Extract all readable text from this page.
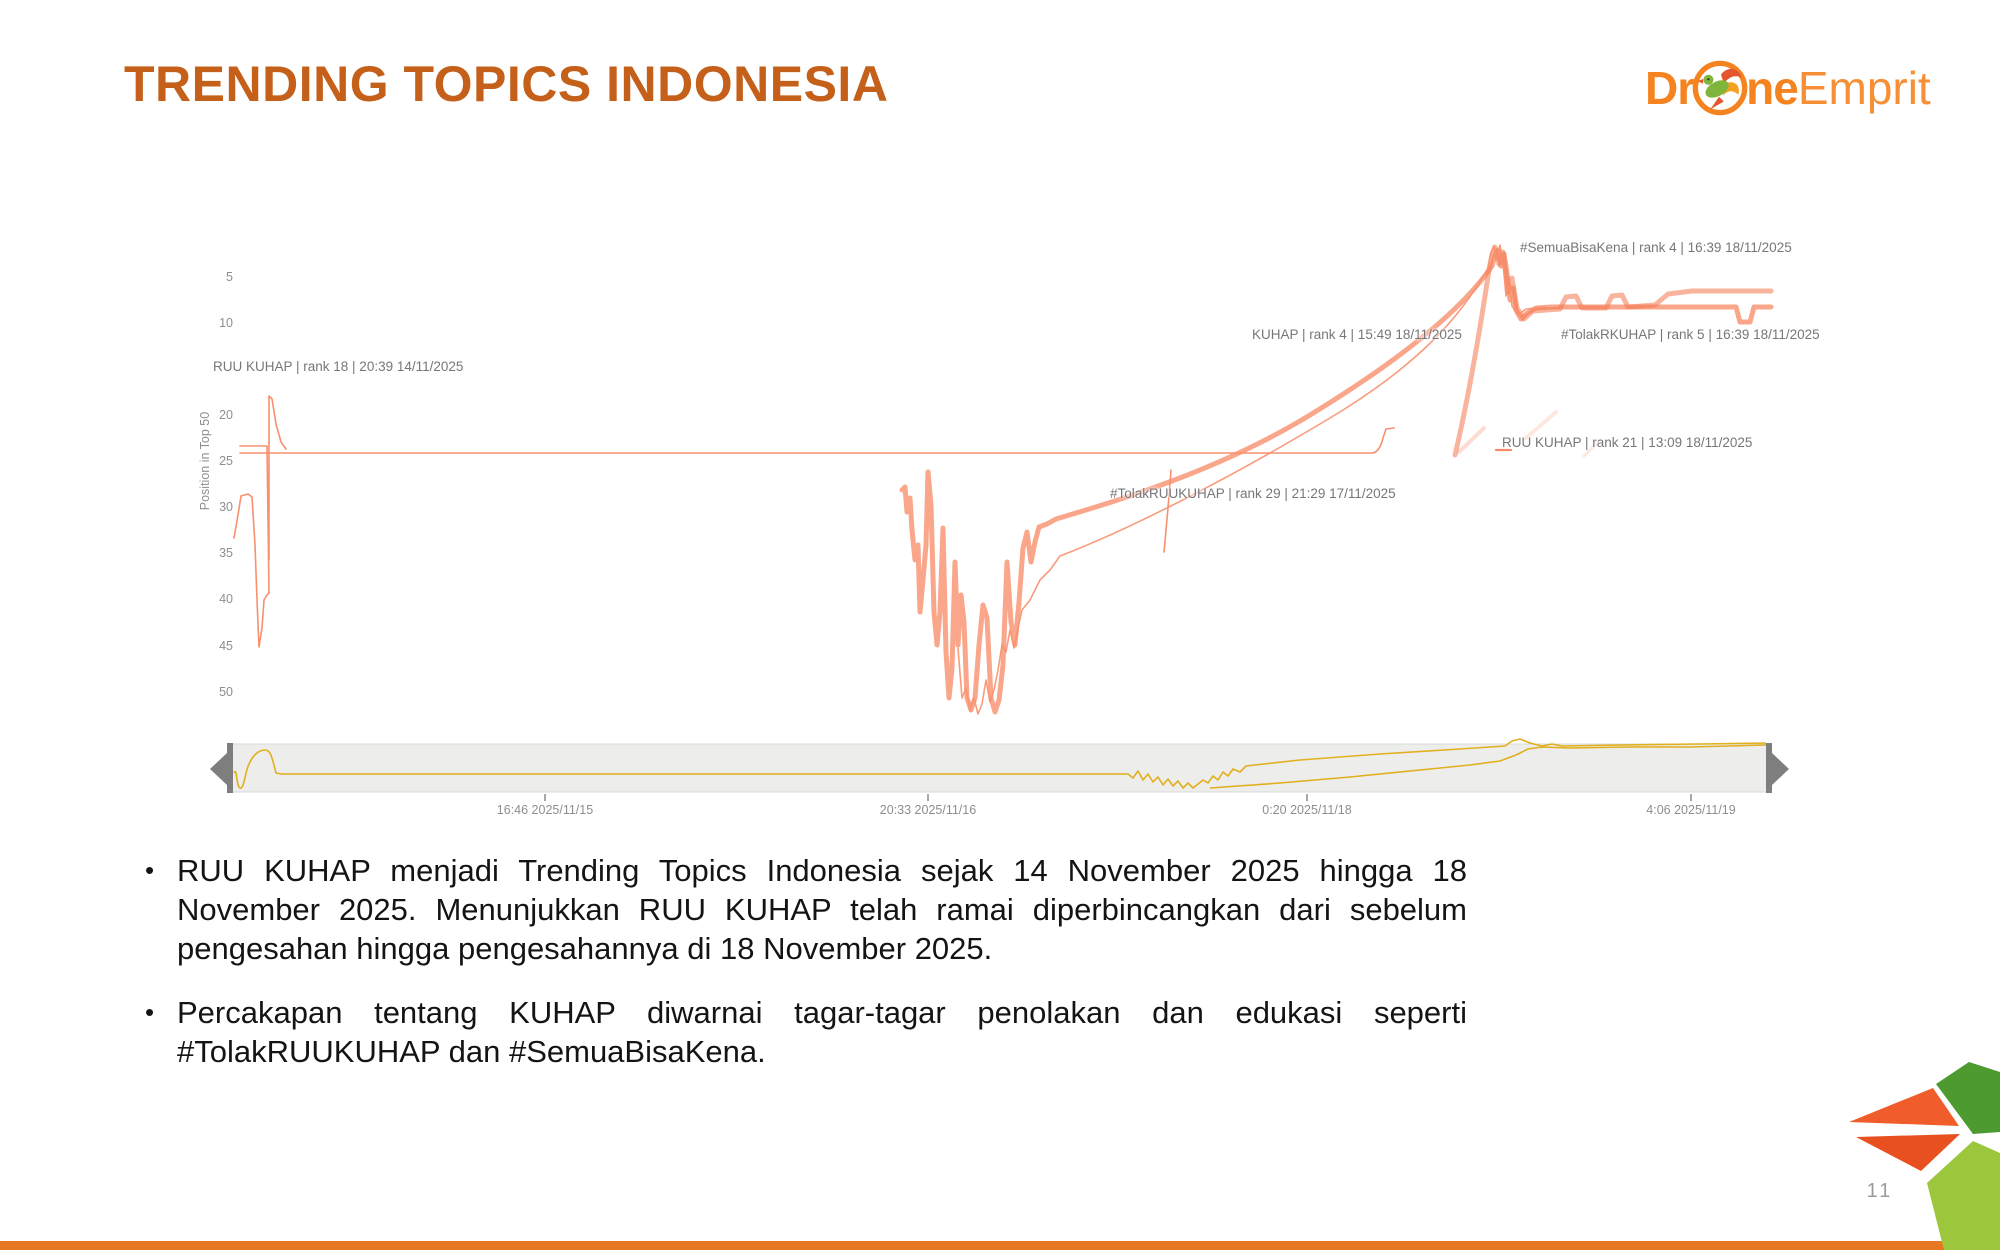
TRENDING TOPICS INDONESIA	Dr ne Emprit
Position in Top 50
5
10
20
25
30
35
40
45
50
RUU KUHAP | rank 18 | 20:39 14/11/2025
#SemuaBisaKena | rank 4 | 16:39 18/11/2025
KUHAP | rank 4 | 15:49 18/11/2025	#TolakRKUHAP | rank 5 | 16:39 18/11/2025
RUU KUHAP | rank 21 | 13:09 18/11/2025
#TolakRUUKUHAP | rank 29 | 21:29 17/11/2025
16:46 2025/11/15	20:33 2025/11/16	0:20 2025/11/18	4:06 2025/11/19
• RUU KUHAP menjadi Trending Topics Indonesia sejak 14 November 2025 hingga 18 November 2025. Menunjukkan RUU KUHAP telah ramai diperbincangkan dari sebelum pengesahan hingga pengesahannya di 18 November 2025.
• Percakapan tentang KUHAP diwarnai tagar-tagar penolakan dan edukasi seperti #TolakRUUKUHAP dan #SemuaBisaKena.
11
